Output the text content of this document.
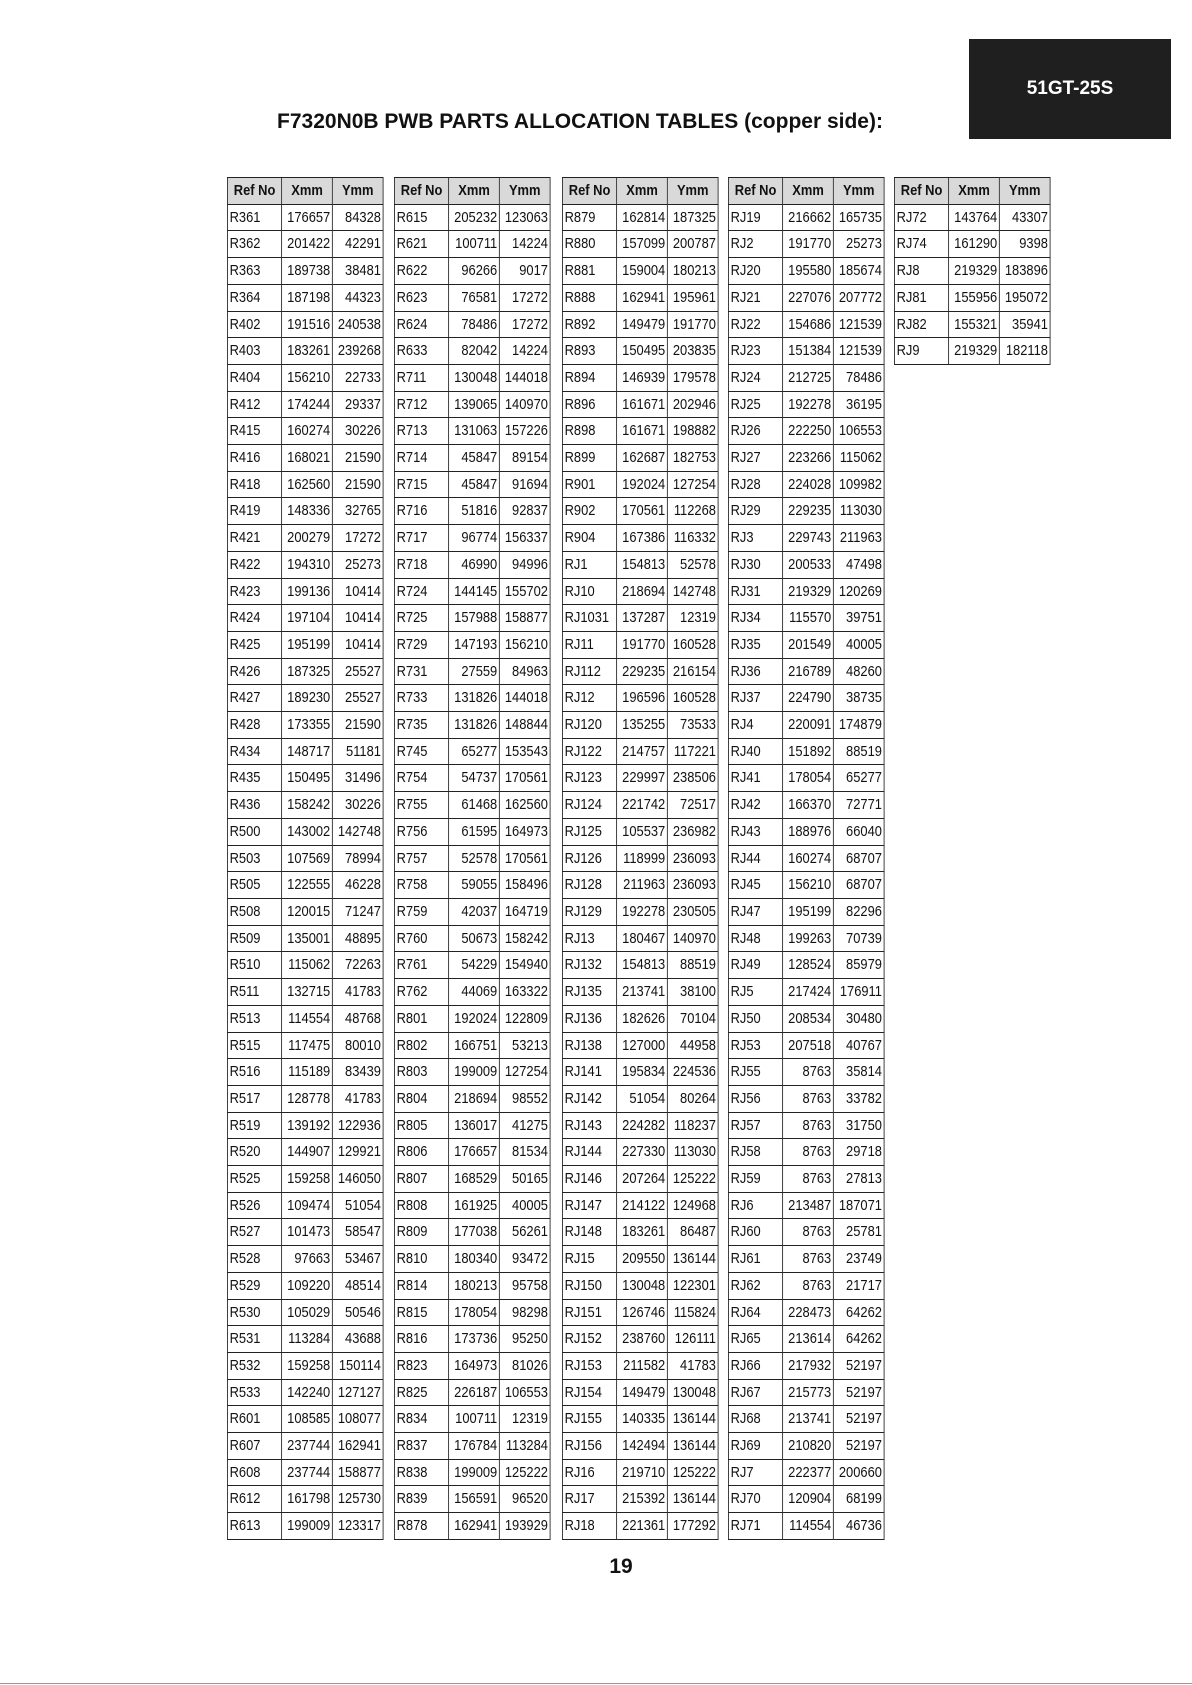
51GT-25S
F7320N0B PWB PARTS ALLOCATION TABLES (copper side):
Ref No	Xmm	Ymm
R361	176657	84328
R362	201422	42291
R363	189738	38481
R364	187198	44323
R402	191516	240538
R403	183261	239268
R404	156210	22733
R412	174244	29337
R415	160274	30226
R416	168021	21590
R418	162560	21590
R419	148336	32765
R421	200279	17272
R422	194310	25273
R423	199136	10414
R424	197104	10414
R425	195199	10414
R426	187325	25527
R427	189230	25527
R428	173355	21590
R434	148717	51181
R435	150495	31496
R436	158242	30226
R500	143002	142748
R503	107569	78994
R505	122555	46228
R508	120015	71247
R509	135001	48895
R510	115062	72263
R511	132715	41783
R513	114554	48768
R515	117475	80010
R516	115189	83439
R517	128778	41783
R519	139192	122936
R520	144907	129921
R525	159258	146050
R526	109474	51054
R527	101473	58547
R528	97663	53467
R529	109220	48514
R530	105029	50546
R531	113284	43688
R532	159258	150114
R533	142240	127127
R601	108585	108077
R607	237744	162941
R608	237744	158877
R612	161798	125730
R613	199009	123317
Ref No	Xmm	Ymm
R615	205232	123063
R621	100711	14224
R622	96266	9017
R623	76581	17272
R624	78486	17272
R633	82042	14224
R711	130048	144018
R712	139065	140970
R713	131063	157226
R714	45847	89154
R715	45847	91694
R716	51816	92837
R717	96774	156337
R718	46990	94996
R724	144145	155702
R725	157988	158877
R729	147193	156210
R731	27559	84963
R733	131826	144018
R735	131826	148844
R745	65277	153543
R754	54737	170561
R755	61468	162560
R756	61595	164973
R757	52578	170561
R758	59055	158496
R759	42037	164719
R760	50673	158242
R761	54229	154940
R762	44069	163322
R801	192024	122809
R802	166751	53213
R803	199009	127254
R804	218694	98552
R805	136017	41275
R806	176657	81534
R807	168529	50165
R808	161925	40005
R809	177038	56261
R810	180340	93472
R814	180213	95758
R815	178054	98298
R816	173736	95250
R823	164973	81026
R825	226187	106553
R834	100711	12319
R837	176784	113284
R838	199009	125222
R839	156591	96520
R878	162941	193929
Ref No	Xmm	Ymm
R879	162814	187325
R880	157099	200787
R881	159004	180213
R888	162941	195961
R892	149479	191770
R893	150495	203835
R894	146939	179578
R896	161671	202946
R898	161671	198882
R899	162687	182753
R901	192024	127254
R902	170561	112268
R904	167386	116332
RJ1	154813	52578
RJ10	218694	142748
RJ1031	137287	12319
RJ11	191770	160528
RJ112	229235	216154
RJ12	196596	160528
RJ120	135255	73533
RJ122	214757	117221
RJ123	229997	238506
RJ124	221742	72517
RJ125	105537	236982
RJ126	118999	236093
RJ128	211963	236093
RJ129	192278	230505
RJ13	180467	140970
RJ132	154813	88519
RJ135	213741	38100
RJ136	182626	70104
RJ138	127000	44958
RJ141	195834	224536
RJ142	51054	80264
RJ143	224282	118237
RJ144	227330	113030
RJ146	207264	125222
RJ147	214122	124968
RJ148	183261	86487
RJ15	209550	136144
RJ150	130048	122301
RJ151	126746	115824
RJ152	238760	126111
RJ153	211582	41783
RJ154	149479	130048
RJ155	140335	136144
RJ156	142494	136144
RJ16	219710	125222
RJ17	215392	136144
RJ18	221361	177292
Ref No	Xmm	Ymm
RJ19	216662	165735
RJ2	191770	25273
RJ20	195580	185674
RJ21	227076	207772
RJ22	154686	121539
RJ23	151384	121539
RJ24	212725	78486
RJ25	192278	36195
RJ26	222250	106553
RJ27	223266	115062
RJ28	224028	109982
RJ29	229235	113030
RJ3	229743	211963
RJ30	200533	47498
RJ31	219329	120269
RJ34	115570	39751
RJ35	201549	40005
RJ36	216789	48260
RJ37	224790	38735
RJ4	220091	174879
RJ40	151892	88519
RJ41	178054	65277
RJ42	166370	72771
RJ43	188976	66040
RJ44	160274	68707
RJ45	156210	68707
RJ47	195199	82296
RJ48	199263	70739
RJ49	128524	85979
RJ5	217424	176911
RJ50	208534	30480
RJ53	207518	40767
RJ55	8763	35814
RJ56	8763	33782
RJ57	8763	31750
RJ58	8763	29718
RJ59	8763	27813
RJ6	213487	187071
RJ60	8763	25781
RJ61	8763	23749
RJ62	8763	21717
RJ64	228473	64262
RJ65	213614	64262
RJ66	217932	52197
RJ67	215773	52197
RJ68	213741	52197
RJ69	210820	52197
RJ7	222377	200660
RJ70	120904	68199
RJ71	114554	46736
Ref No	Xmm	Ymm
RJ72	143764	43307
RJ74	161290	9398
RJ8	219329	183896
RJ81	155956	195072
RJ82	155321	35941
RJ9	219329	182118
19
